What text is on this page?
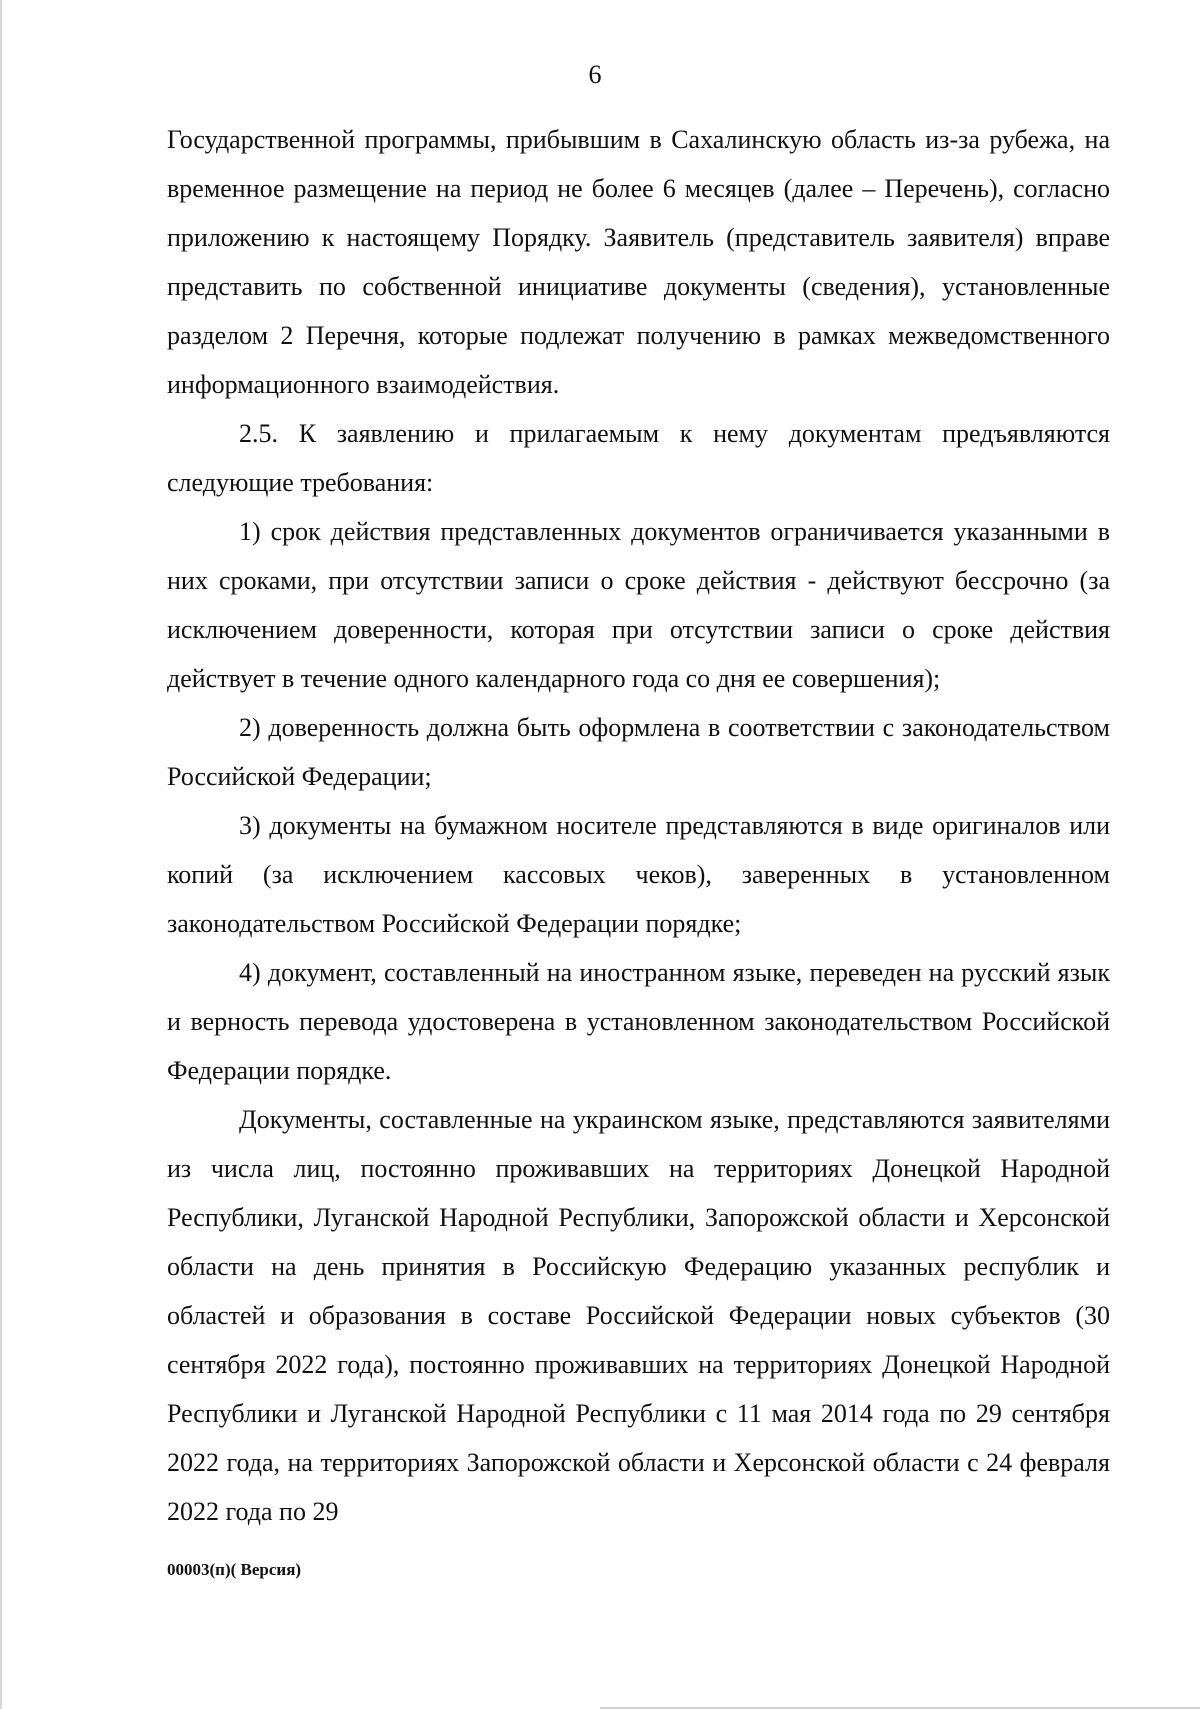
6

Государственной программы, прибывшим в Сахалинскую область из-за рубежа, на временное размещение на период не более 6 месяцев (далее – Перечень), согласно приложению к настоящему Порядку. Заявитель (представитель заявителя) вправе представить по собственной инициативе документы (сведения), установленные разделом 2 Перечня, которые подлежат получению в рамках межведомственного информационного взаимодействия.

2.5. К заявлению и прилагаемым к нему документам предъявляются следующие требования:

1) срок действия представленных документов ограничивается указанными в них сроками, при отсутствии записи о сроке действия - действуют бессрочно (за исключением доверенности, которая при отсутствии записи о сроке действия действует в течение одного календарного года со дня ее совершения);

2) доверенность должна быть оформлена в соответствии с законодательством Российской Федерации;

3) документы на бумажном носителе представляются в виде оригиналов или копий (за исключением кассовых чеков), заверенных в установленном законодательством Российской Федерации порядке;

4) документ, составленный на иностранном языке, переведен на русский язык и верность перевода удостоверена в установленном законодательством Российской Федерации порядке.

Документы, составленные на украинском языке, представляются заявителями из числа лиц, постоянно проживавших на территориях Донецкой Народной Республики, Луганской Народной Республики, Запорожской области и Херсонской области на день принятия в Российскую Федерацию указанных республик и областей и образования в составе Российской Федерации новых субъектов (30 сентября 2022 года), постоянно проживавших на территориях Донецкой Народной Республики и Луганской Народной Республики с 11 мая 2014 года по 29 сентября 2022 года, на территориях Запорожской области и Херсонской области с 24 февраля 2022 года по 29

00003(п)( Версия)
